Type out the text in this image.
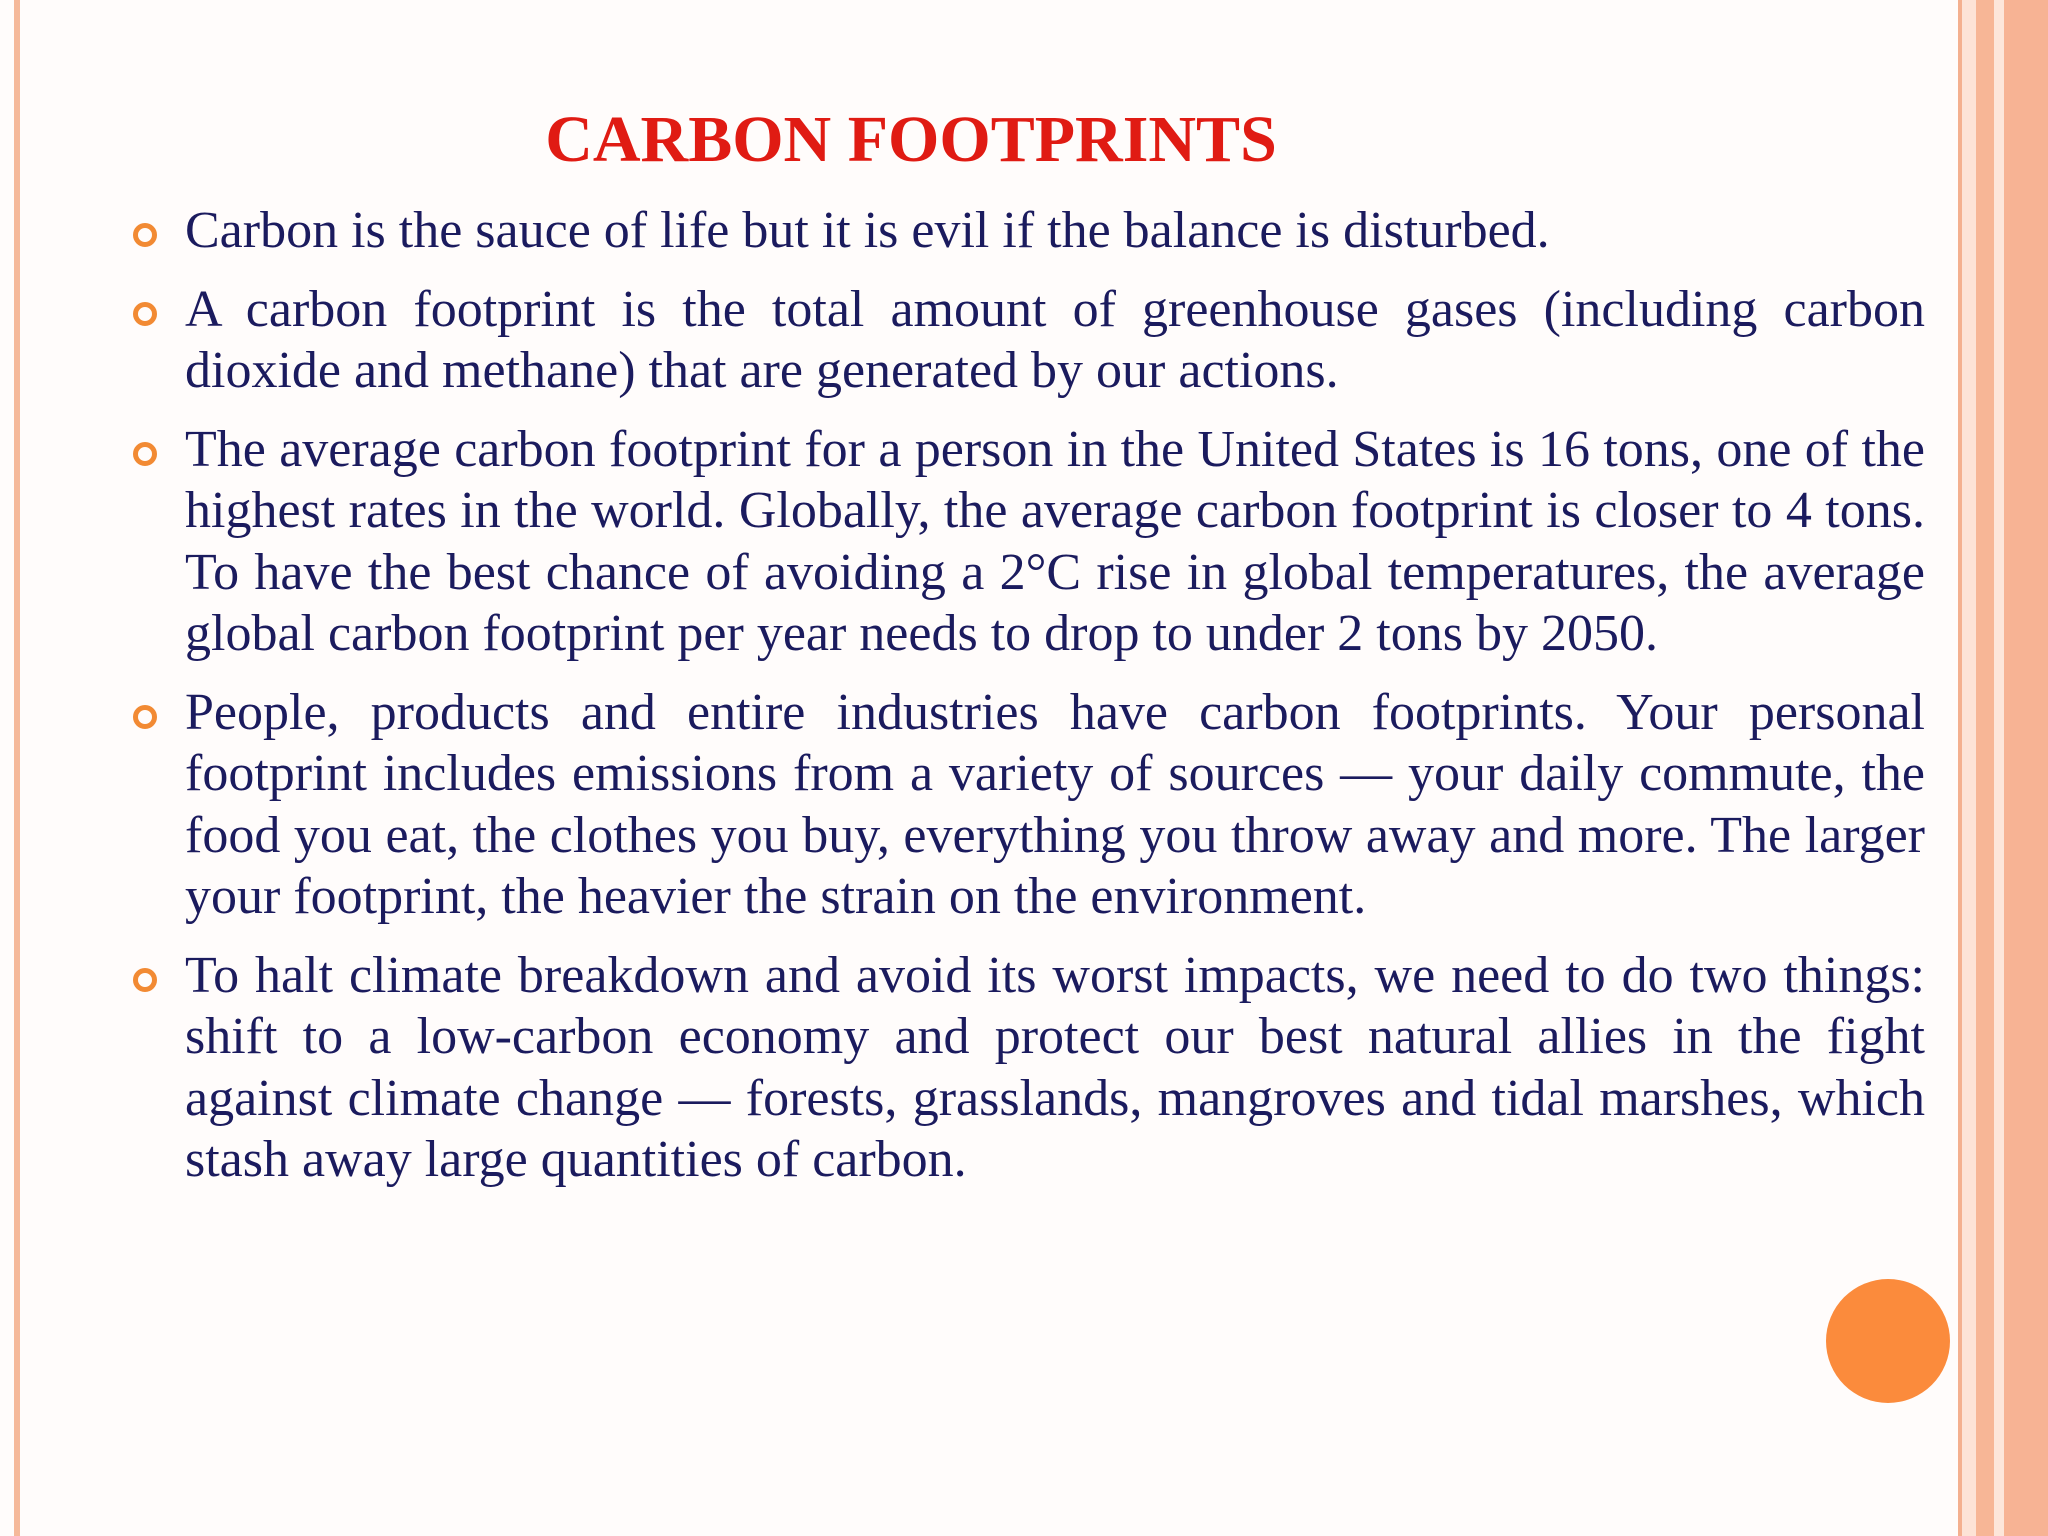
CARBON FOOTPRINTS
Carbon is the sauce of life but it is evil if the balance is disturbed.
A carbon footprint is the total amount of greenhouse gases (including carbon dioxide and methane) that are generated by our actions.
The average carbon footprint for a person in the United States is 16 tons, one of the highest rates in the world. Globally, the average carbon footprint is closer to 4 tons. To have the best chance of avoiding a 2°C rise in global temperatures, the average global carbon footprint per year needs to drop to under 2 tons by 2050.
People, products and entire industries have carbon footprints. Your personal footprint includes emissions from a variety of sources — your daily commute, the food you eat, the clothes you buy, everything you throw away and more. The larger your footprint, the heavier the strain on the environment.
To halt climate breakdown and avoid its worst impacts, we need to do two things: shift to a low-carbon economy and protect our best natural allies in the fight against climate change — forests, grasslands, mangroves and tidal marshes, which stash away large quantities of carbon.
